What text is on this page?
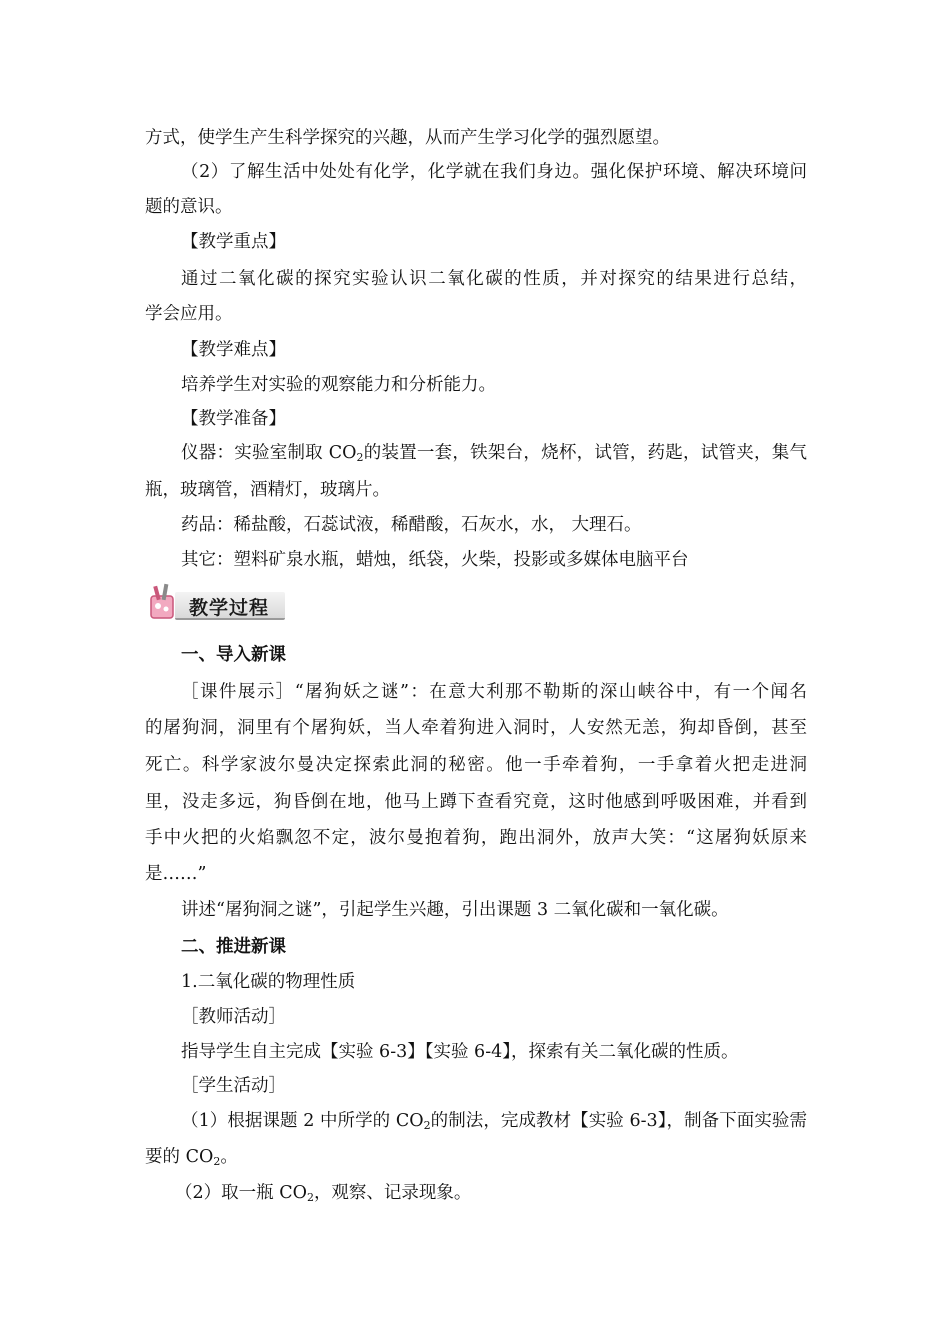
方式，使学生产生科学探究的兴趣，从而产生学习化学的强烈愿望。
（2）了解生活中处处有化学，化学就在我们身边。强化保护环境、解决环境问
题的意识。
【教学重点】
通过二氧化碳的探究实验认识二氧化碳的性质，并对探究的结果进行总结，
学会应用。
【教学难点】
培养学生对实验的观察能力和分析能力。
【教学准备】
仪器：实验室制取 $CO_2$的装置一套，铁架台，烧杯，试管，药匙，试管夹，集气
瓶，玻璃管，酒精灯，玻璃片。
药品：稀盐酸，石蕊试液，稀醋酸，石灰水，水， 大理石。
其它：塑料矿泉水瓶，蜡烛，纸袋，火柴，投影或多媒体电脑平台
教学过程
一、导入新课
［课件展示］“屠狗妖之谜”：在意大利那不勒斯的深山峡谷中，有一个闻名
的屠狗洞，洞里有个屠狗妖，当人牵着狗进入洞时，人安然无恙，狗却昏倒，甚至
死亡。科学家波尔曼决定探索此洞的秘密。他一手牵着狗，一手拿着火把走进洞
里，没走多远，狗昏倒在地，他马上蹲下查看究竟，这时他感到呼吸困难，并看到
手中火把的火焰飘忽不定，波尔曼抱着狗，跑出洞外，放声大笑：“这屠狗妖原来
是……”
讲述“屠狗洞之谜”，引起学生兴趣，引出课题 3 二氧化碳和一氧化碳。
二、推进新课
1.二氧化碳的物理性质
［教师活动］
指导学生自主完成【实验 6-3】【实验 6-4】，探索有关二氧化碳的性质。
［学生活动］
（1）根据课题 2 中所学的 $CO_2$的制法，完成教材【实验 6-3】，制备下面实验需
要的 $CO_2$。
（2）取一瓶 $CO_2$，观察、记录现象。
